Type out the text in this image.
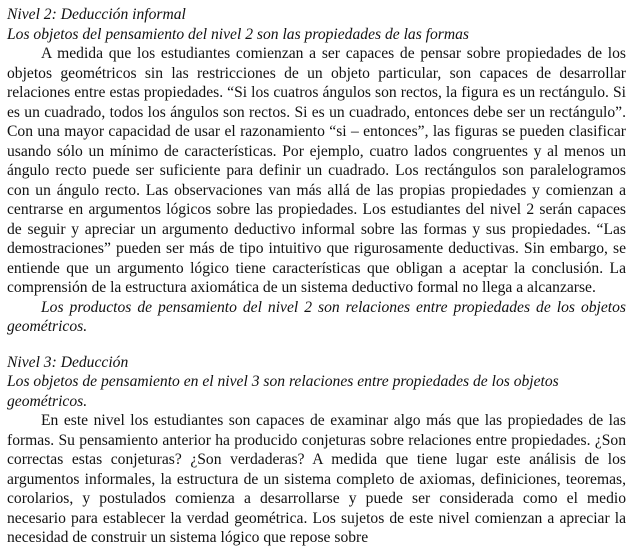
Nivel 2: Deducción informal

Los objetos del pensamiento del nivel 2 son las propiedades de las formas

A medida que los estudiantes comienzan a ser capaces de pensar sobre propiedades de los objetos geométricos sin las restricciones de un objeto particular, son capaces de desarrollar relaciones entre estas propiedades. “Si los cuatros ángulos son rectos, la figura es un rectángulo. Si es un cuadrado, todos los ángulos son rectos. Si es un cuadrado, entonces debe ser un rectángulo”. Con una mayor capacidad de usar el razonamiento “si – entonces”, las figuras se pueden clasificar usando sólo un mínimo de características. Por ejemplo, cuatro lados congruentes y al menos un ángulo recto puede ser suficiente para definir un cuadrado. Los rectángulos son paralelogramos con un ángulo recto. Las observaciones van más allá de las propias propiedades y comienzan a centrarse en argumentos lógicos sobre las propiedades. Los estudiantes del nivel 2 serán capaces de seguir y apreciar un argumento deductivo informal sobre las formas y sus propiedades. “Las demostraciones” pueden ser más de tipo intuitivo que rigurosamente deductivas. Sin embargo, se entiende que un argumento lógico tiene características que obligan a aceptar la conclusión. La comprensión de la estructura axiomática de un sistema deductivo formal no llega a alcanzarse.

Los productos de pensamiento del nivel 2 son relaciones entre propiedades de los objetos geométricos.

Nivel 3: Deducción

Los objetos de pensamiento en el nivel 3 son relaciones entre propiedades de los objetos geométricos.

En este nivel los estudiantes son capaces de examinar algo más que las propiedades de las formas. Su pensamiento anterior ha producido conjeturas sobre relaciones entre propiedades. ¿Son correctas estas conjeturas? ¿Son verdaderas? A medida que tiene lugar este análisis de los argumentos informales, la estructura de un sistema completo de axiomas, definiciones, teoremas, corolarios, y postulados comienza a desarrollarse y puede ser considerada como el medio necesario para establecer la verdad geométrica. Los sujetos de este nivel comienzan a apreciar la necesidad de construir un sistema lógico que repose sobre
